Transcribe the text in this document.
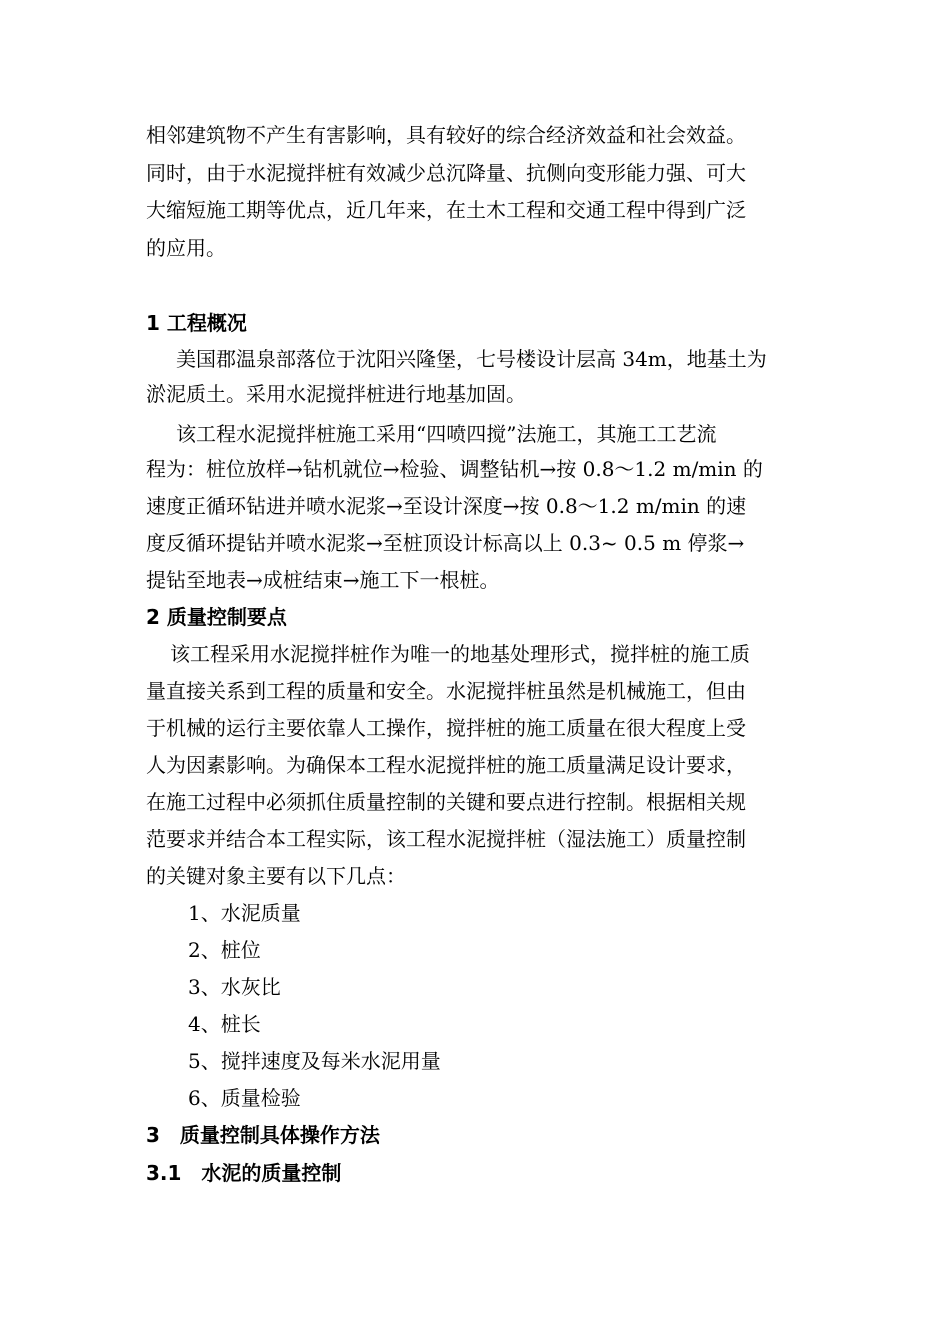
相邻建筑物不产生有害影响，具有较好的综合经济效益和社会效益。
同时，由于水泥搅拌桩有效减少总沉降量、抗侧向变形能力强、可大
大缩短施工期等优点，近几年来，在土木工程和交通工程中得到广泛
的应用。
1 工程概况
美国郡温泉部落位于沈阳兴隆堡，七号楼设计层高 34m，地基土为
淤泥质土。采用水泥搅拌桩进行地基加固。
该工程水泥搅拌桩施工采用“四喷四搅”法施工，其施工工艺流
程为：桩位放样→钻机就位→检验、调整钻机→按 0.8～1.2 m/min 的
速度正循环钻进并喷水泥浆→至设计深度→按 0.8～1.2 m/min 的速
度反循环提钻并喷水泥浆→至桩顶设计标高以上 0.3~ 0.5 m 停浆→
提钻至地表→成桩结束→施工下一根桩。
2 质量控制要点
该工程采用水泥搅拌桩作为唯一的地基处理形式，搅拌桩的施工质
量直接关系到工程的质量和安全。水泥搅拌桩虽然是机械施工，但由
于机械的运行主要依靠人工操作，搅拌桩的施工质量在很大程度上受
人为因素影响。为确保本工程水泥搅拌桩的施工质量满足设计要求，
在施工过程中必须抓住质量控制的关键和要点进行控制。根据相关规
范要求并结合本工程实际，该工程水泥搅拌桩（湿法施工）质量控制
的关键对象主要有以下几点：
1、水泥质量
2、桩位
3、水灰比
4、桩长
5、搅拌速度及每米水泥用量
6、质量检验
3　质量控制具体操作方法
3.1　水泥的质量控制
